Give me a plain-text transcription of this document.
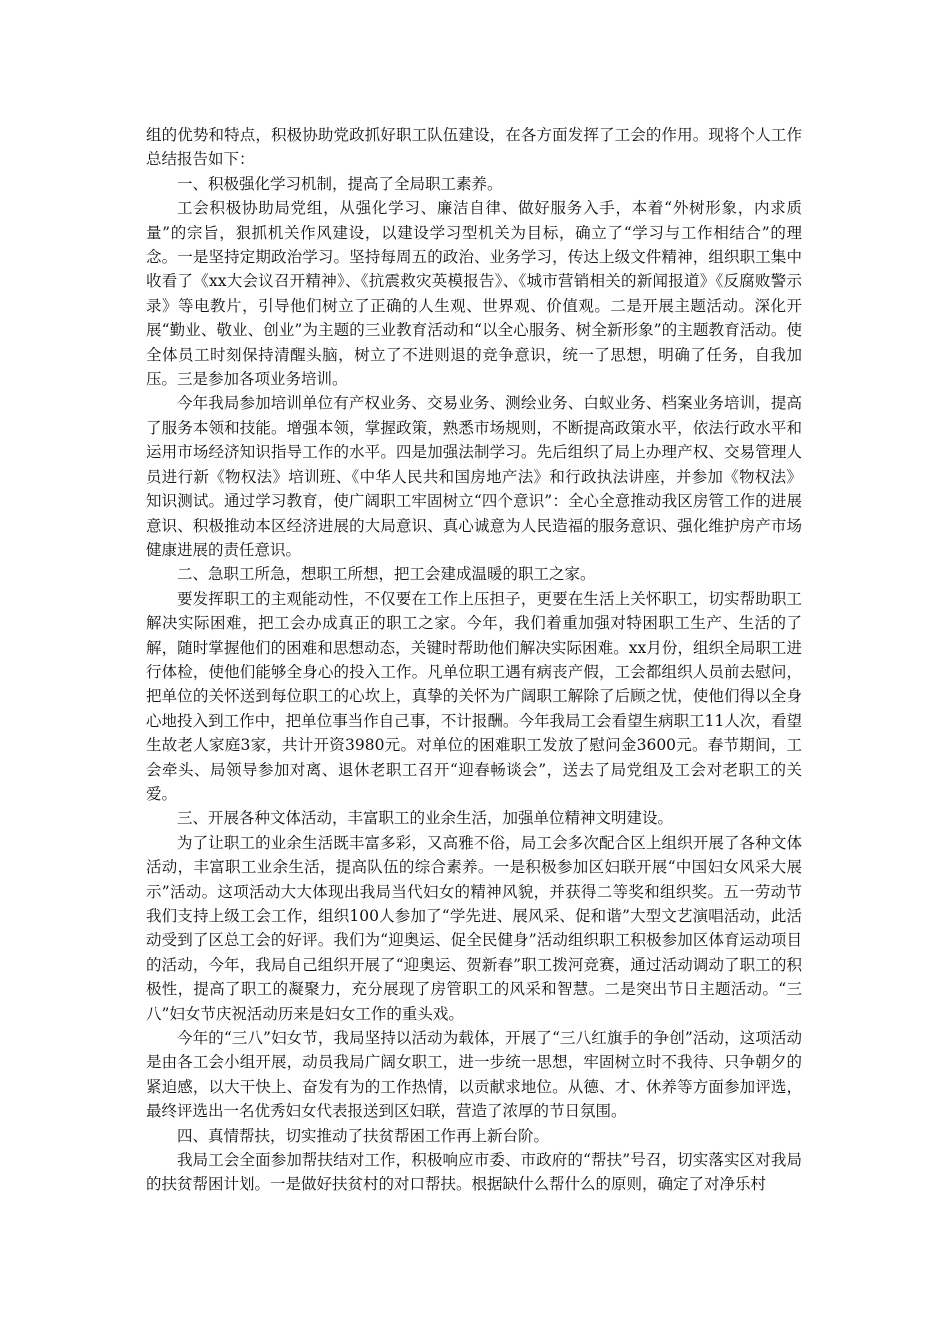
组的优势和特点，积极协助党政抓好职工队伍建设，在各方面发挥了工会的作用。现将个人工作总结报告如下：

一、积极强化学习机制，提高了全局职工素养。

工会积极协助局党组，从强化学习、廉洁自律、做好服务入手，本着“外树形象，内求质量”的宗旨，狠抓机关作风建设，以建设学习型机关为目标，确立了“学习与工作相结合”的理念。一是坚持定期政治学习。坚持每周五的政治、业务学习，传达上级文件精神，组织职工集中收看了《xx大会议召开精神》、《抗震救灾英模报告》、《城市营销相关的新闻报道》《反腐败警示录》等电教片，引导他们树立了正确的人生观、世界观、价值观。二是开展主题活动。深化开展“勤业、敬业、创业”为主题的三业教育活动和“以全心服务、树全新形象”的主题教育活动。使全体员工时刻保持清醒头脑，树立了不进则退的竞争意识，统一了思想，明确了任务，自我加压。三是参加各项业务培训。

今年我局参加培训单位有产权业务、交易业务、测绘业务、白蚁业务、档案业务培训，提高了服务本领和技能。增强本领，掌握政策，熟悉市场规则，不断提高政策水平，依法行政水平和运用市场经济知识指导工作的水平。四是加强法制学习。先后组织了局上办理产权、交易管理人员进行新《物权法》培训班、《中华人民共和国房地产法》和行政执法讲座，并参加《物权法》知识测试。通过学习教育，使广阔职工牢固树立“四个意识”：全心全意推动我区房管工作的进展意识、积极推动本区经济进展的大局意识、真心诚意为人民造福的服务意识、强化维护房产市场健康进展的责任意识。

二、急职工所急，想职工所想，把工会建成温暖的职工之家。

要发挥职工的主观能动性，不仅要在工作上压担子，更要在生活上关怀职工，切实帮助职工解决实际困难，把工会办成真正的职工之家。今年，我们着重加强对特困职工生产、生活的了解，随时掌握他们的困难和思想动态，关键时帮助他们解决实际困难。xx月份，组织全局职工进行体检，使他们能够全身心的投入工作。凡单位职工遇有病丧产假，工会都组织人员前去慰问，把单位的关怀送到每位职工的心坎上，真挚的关怀为广阔职工解除了后顾之忧，使他们得以全身心地投入到工作中，把单位事当作自己事，不计报酬。今年我局工会看望生病职工11人次，看望生故老人家庭3家，共计开资3980元。对单位的困难职工发放了慰问金3600元。春节期间，工会牵头、局领导参加对离、退休老职工召开“迎春畅谈会”，送去了局党组及工会对老职工的关爱。

三、开展各种文体活动，丰富职工的业余生活，加强单位精神文明建设。

为了让职工的业余生活既丰富多彩，又高雅不俗，局工会多次配合区上组织开展了各种文体活动，丰富职工业余生活，提高队伍的综合素养。一是积极参加区妇联开展“中国妇女风采大展示”活动。这项活动大大体现出我局当代妇女的精神风貌，并获得二等奖和组织奖。五一劳动节我们支持上级工会工作，组织100人参加了“学先进、展风采、促和谐”大型文艺演唱活动，此活动受到了区总工会的好评。我们为“迎奥运、促全民健身”活动组织职工积极参加区体育运动项目的活动，今年，我局自己组织开展了“迎奥运、贺新春”职工拨河竞赛，通过活动调动了职工的积极性，提高了职工的凝聚力，充分展现了房管职工的风采和智慧。二是突出节日主题活动。“三八”妇女节庆祝活动历来是妇女工作的重头戏。

今年的“三八”妇女节，我局坚持以活动为载体，开展了“三八红旗手的争创”活动，这项活动是由各工会小组开展，动员我局广阔女职工，进一步统一思想，牢固树立时不我待、只争朝夕的紧迫感，以大干快上、奋发有为的工作热情，以贡献求地位。从德、才、休养等方面参加评选，最终评选出一名优秀妇女代表报送到区妇联，营造了浓厚的节日氛围。

四、真情帮扶，切实推动了扶贫帮困工作再上新台阶。

我局工会全面参加帮扶结对工作，积极响应市委、市政府的“帮扶”号召，切实落实区对我局的扶贫帮困计划。一是做好扶贫村的对口帮扶。根据缺什么帮什么的原则，确定了对净乐村
